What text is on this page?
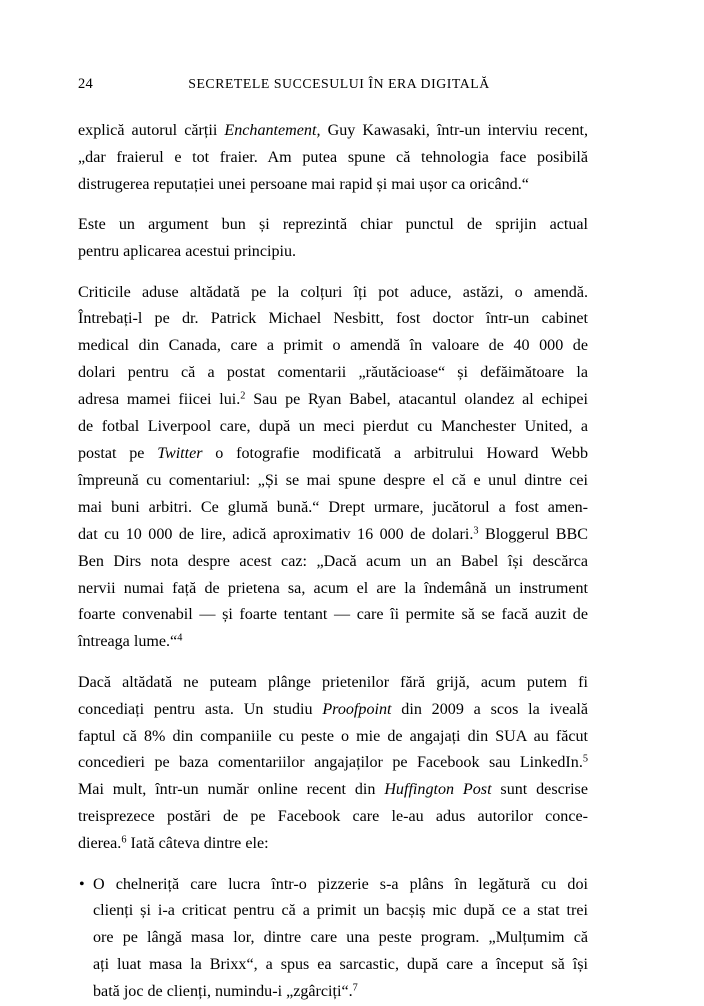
24	SECRETELE SUCCESULUI ÎN ERA DIGITALĂ

explică autorul cărții Enchantement, Guy Kawasaki, într-un interviu recent,
„dar fraierul e tot fraier. Am putea spune că tehnologia face posibilă
distrugerea reputației unei persoane mai rapid și mai ușor ca oricând.“

Este un argument bun și reprezintă chiar punctul de sprijin actual
pentru aplicarea acestui principiu.

Criticile aduse altădată pe la colțuri îți pot aduce, astăzi, o amendă.
Întrebați-l pe dr. Patrick Michael Nesbitt, fost doctor într-un cabinet
medical din Canada, care a primit o amendă în valoare de 40 000 de
dolari pentru că a postat comentarii „răutăcioase“ și defăimătoare la
adresa mamei fiicei lui.$^2$ Sau pe Ryan Babel, atacantul olandez al echipei
de fotbal Liverpool care, după un meci pierdut cu Manchester United, a
postat pe Twitter o fotografie modificată a arbitrului Howard Webb
împreună cu comentariul: „Și se mai spune despre el că e unul dintre cei
mai buni arbitri. Ce glumă bună.“ Drept urmare, jucătorul a fost amen-
dat cu 10 000 de lire, adică aproximativ 16 000 de dolari.$^3$ Bloggerul BBC
Ben Dirs nota despre acest caz: „Dacă acum un an Babel își descărca
nervii numai față de prietena sa, acum el are la îndemână un instrument
foarte convenabil — și foarte tentant — care îi permite să se facă auzit de
întreaga lume.“$^4$

Dacă altădată ne puteam plânge prietenilor fără grijă, acum putem fi
concediați pentru asta. Un studiu Proofpoint din 2009 a scos la iveală
faptul că 8% din companiile cu peste o mie de angajați din SUA au făcut
concedieri pe baza comentariilor angajaților pe Facebook sau LinkedIn.$^5$
Mai mult, într-un număr online recent din Huffington Post sunt descrise
treisprezece postări de pe Facebook care le-au adus autorilor conce-
dierea.$^6$ Iată câteva dintre ele:

• O chelneriță care lucra într-o pizzerie s-a plâns în legătură cu doi
clienți și i-a criticat pentru că a primit un bacșiș mic după ce a stat trei
ore pe lângă masa lor, dintre care una peste program. „Mulțumim că
ați luat masa la Brixx“, a spus ea sarcastic, după care a început să își
bată joc de clienți, numindu-i „zgârciți“.$^7$
